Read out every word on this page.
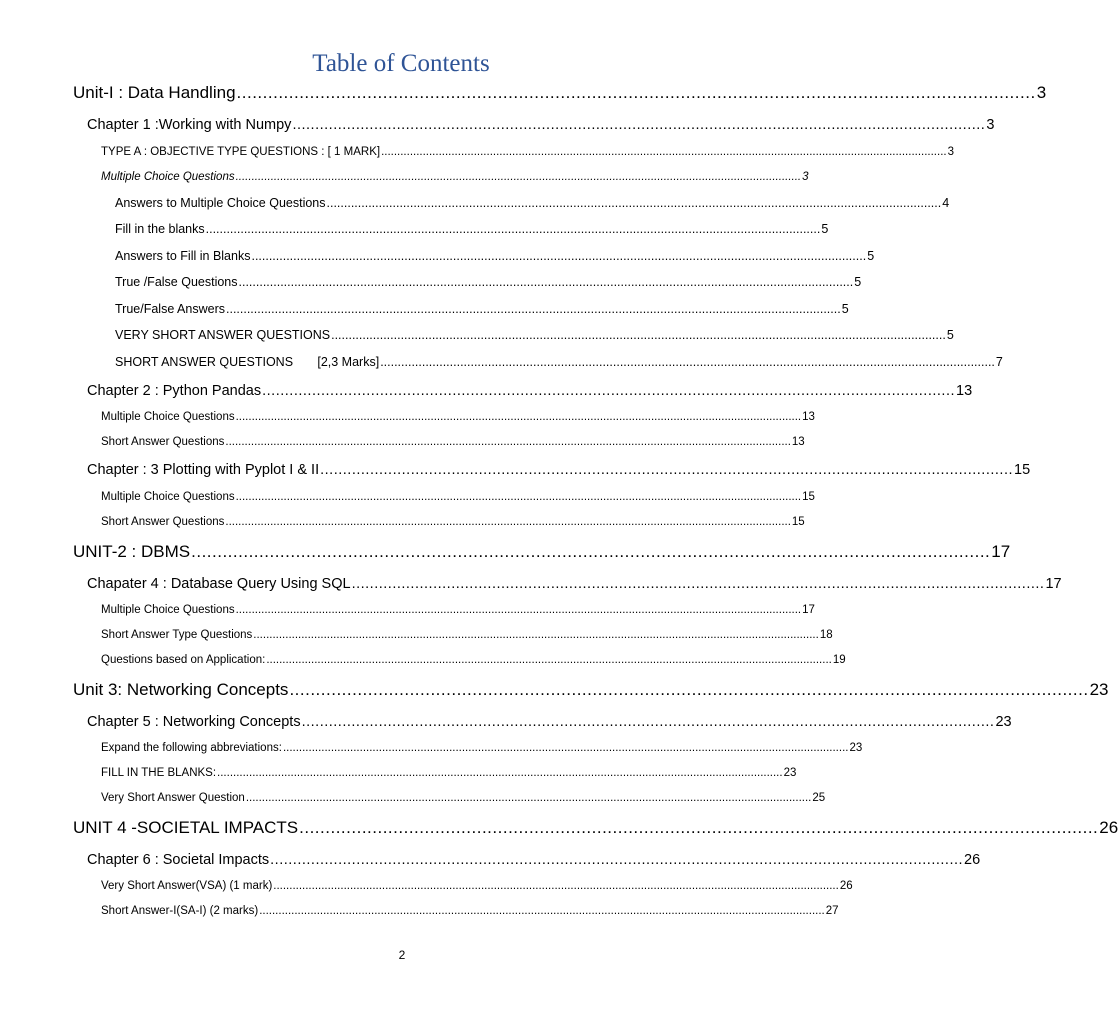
Table of Contents
Unit-I : Data Handling ......................................................................................................................................................... 3
Chapter 1 :Working with Numpy ......................................................................................................................................................... 3
TYPE A : OBJECTIVE TYPE QUESTIONS : [ 1 MARK] ................................................................................................................................................................................. 3
Multiple Choice Questions ................................................................................................................................................................................. 3
Answers to Multiple Choice Questions ................................................................................................................................................................................. 4
Fill in the blanks ................................................................................................................................................................................. 5
Answers to Fill in Blanks ................................................................................................................................................................................. 5
True /False Questions ................................................................................................................................................................................. 5
True/False Answers ................................................................................................................................................................................. 5
VERY SHORT ANSWER QUESTIONS ................................................................................................................................................................................. 5
SHORT ANSWER QUESTIONS       [2,3 Marks] ................................................................................................................................................................................. 7
Chapter 2 : Python Pandas ......................................................................................................................................................... 13
Multiple Choice Questions ................................................................................................................................................................................. 13
Short Answer Questions ................................................................................................................................................................................. 13
Chapter : 3 Plotting with Pyplot I & II ......................................................................................................................................................... 15
Multiple Choice Questions ................................................................................................................................................................................. 15
Short Answer Questions ................................................................................................................................................................................. 15
UNIT-2 : DBMS ......................................................................................................................................................... 17
Chapater 4 : Database Query Using SQL ......................................................................................................................................................... 17
Multiple Choice Questions ................................................................................................................................................................................. 17
Short Answer Type Questions ................................................................................................................................................................................. 18
Questions based on Application: ................................................................................................................................................................................. 19
Unit 3: Networking Concepts ......................................................................................................................................................... 23
Chapter 5 : Networking Concepts ......................................................................................................................................................... 23
Expand the following abbreviations: ................................................................................................................................................................................. 23
FILL IN THE BLANKS: ................................................................................................................................................................................. 23
Very Short Answer Question ................................................................................................................................................................................. 25
UNIT 4 -SOCIETAL IMPACTS ......................................................................................................................................................... 26
Chapter 6 : Societal Impacts ......................................................................................................................................................... 26
Very Short Answer(VSA) (1 mark) ................................................................................................................................................................................. 26
Short Answer-I(SA-I) (2 marks) ................................................................................................................................................................................. 27
2
